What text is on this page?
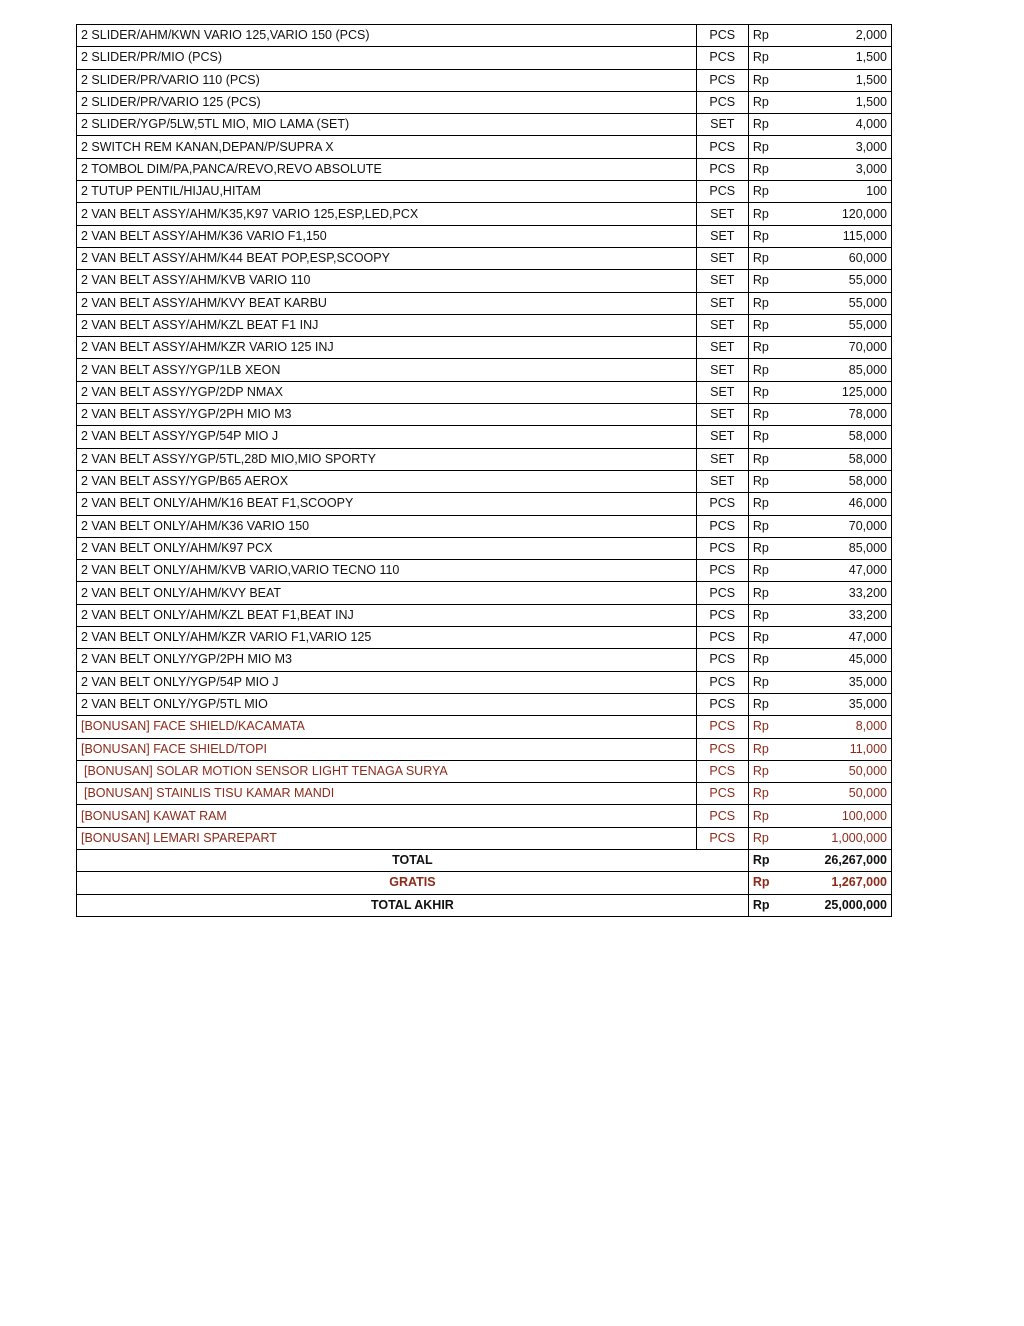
2 SLIDER/AHM/KWN VARIO 125,VARIO 150 (PCS)	PCS	Rp	2,000
2 SLIDER/PR/MIO (PCS)	PCS	Rp	1,500
2 SLIDER/PR/VARIO 110 (PCS)	PCS	Rp	1,500
2 SLIDER/PR/VARIO 125 (PCS)	PCS	Rp	1,500
2 SLIDER/YGP/5LW,5TL MIO, MIO LAMA (SET)	SET	Rp	4,000
2 SWITCH REM KANAN,DEPAN/P/SUPRA X	PCS	Rp	3,000
2 TOMBOL DIM/PA,PANCA/REVO,REVO ABSOLUTE	PCS	Rp	3,000
2 TUTUP PENTIL/HIJAU,HITAM	PCS	Rp	100
2 VAN BELT ASSY/AHM/K35,K97 VARIO 125,ESP,LED,PCX	SET	Rp	120,000
2 VAN BELT ASSY/AHM/K36 VARIO F1,150	SET	Rp	115,000
2 VAN BELT ASSY/AHM/K44 BEAT POP,ESP,SCOOPY	SET	Rp	60,000
2 VAN BELT ASSY/AHM/KVB VARIO 110	SET	Rp	55,000
2 VAN BELT ASSY/AHM/KVY BEAT KARBU	SET	Rp	55,000
2 VAN BELT ASSY/AHM/KZL BEAT F1 INJ	SET	Rp	55,000
2 VAN BELT ASSY/AHM/KZR VARIO 125 INJ	SET	Rp	70,000
2 VAN BELT ASSY/YGP/1LB XEON	SET	Rp	85,000
2 VAN BELT ASSY/YGP/2DP NMAX	SET	Rp	125,000
2 VAN BELT ASSY/YGP/2PH MIO M3	SET	Rp	78,000
2 VAN BELT ASSY/YGP/54P MIO J	SET	Rp	58,000
2 VAN BELT ASSY/YGP/5TL,28D MIO,MIO SPORTY	SET	Rp	58,000
2 VAN BELT ASSY/YGP/B65 AEROX	SET	Rp	58,000
2 VAN BELT ONLY/AHM/K16 BEAT F1,SCOOPY	PCS	Rp	46,000
2 VAN BELT ONLY/AHM/K36 VARIO 150	PCS	Rp	70,000
2 VAN BELT ONLY/AHM/K97 PCX	PCS	Rp	85,000
2 VAN BELT ONLY/AHM/KVB VARIO,VARIO TECNO 110	PCS	Rp	47,000
2 VAN BELT ONLY/AHM/KVY BEAT	PCS	Rp	33,200
2 VAN BELT ONLY/AHM/KZL BEAT F1,BEAT INJ	PCS	Rp	33,200
2 VAN BELT ONLY/AHM/KZR VARIO F1,VARIO 125	PCS	Rp	47,000
2 VAN BELT ONLY/YGP/2PH MIO M3	PCS	Rp	45,000
2 VAN BELT ONLY/YGP/54P MIO J	PCS	Rp	35,000
2 VAN BELT ONLY/YGP/5TL MIO	PCS	Rp	35,000
[BONUSAN] FACE SHIELD/KACAMATA	PCS	Rp	8,000
[BONUSAN] FACE SHIELD/TOPI	PCS	Rp	11,000
[BONUSAN] SOLAR MOTION SENSOR LIGHT TENAGA SURYA	PCS	Rp	50,000
[BONUSAN] STAINLIS TISU KAMAR MANDI	PCS	Rp	50,000
[BONUSAN] KAWAT RAM	PCS	Rp	100,000
[BONUSAN] LEMARI SPAREPART	PCS	Rp	1,000,000
TOTAL		Rp	26,267,000
GRATIS		Rp	1,267,000
TOTAL AKHIR		Rp	25,000,000
